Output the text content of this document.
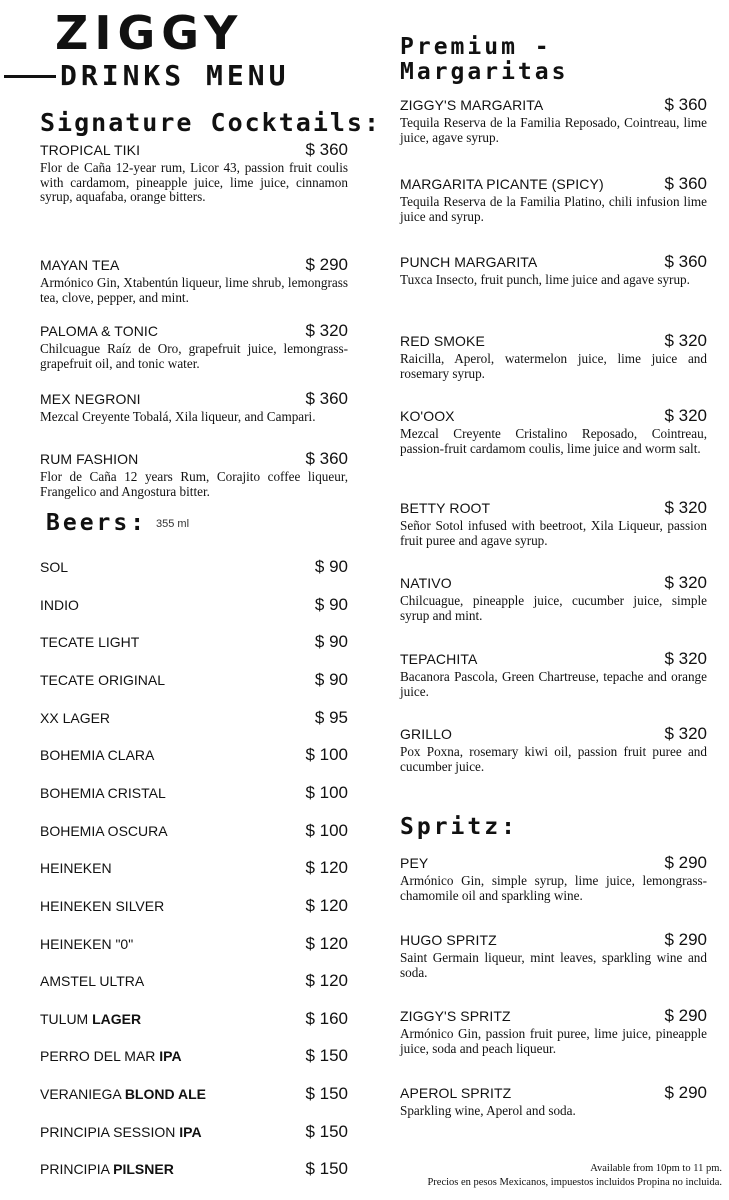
ZIGGY
DRINKS MENU
Signature Cocktails:
TROPICAL TIKI	$ 360
Flor de Caña 12-year rum, Licor 43, passion fruit coulis with cardamom, pineapple juice, lime juice, cinnamon syrup, aquafaba, orange bitters.
MAYAN TEA	$ 290
Armónico Gin, Xtabentún liqueur, lime shrub, lemongrass tea, clove, pepper, and mint.
PALOMA & TONIC	$ 320
Chilcuague Raíz de Oro, grapefruit juice, lemongrass-grapefruit oil, and tonic water.
MEX NEGRONI	$ 360
Mezcal Creyente Tobalá, Xila liqueur, and Campari.
RUM FASHION	$ 360
Flor de Caña 12 years Rum, Corajito coffee liqueur, Frangelico and Angostura bitter.
Beers: 355 ml
SOL	$ 90
INDIO	$ 90
TECATE LIGHT	$ 90
TECATE ORIGINAL	$ 90
XX LAGER	$ 95
BOHEMIA CLARA	$ 100
BOHEMIA CRISTAL	$ 100
BOHEMIA OSCURA	$ 100
HEINEKEN	$ 120
HEINEKEN SILVER	$ 120
HEINEKEN "0"	$ 120
AMSTEL ULTRA	$ 120
TULUM LAGER	$ 160
PERRO DEL MAR IPA	$ 150
VERANIEGA BLOND ALE	$ 150
PRINCIPIA SESSION IPA	$ 150
PRINCIPIA PILSNER	$ 150
Premium -
Margaritas
ZIGGY'S MARGARITA	$ 360
Tequila Reserva de la Familia Reposado, Cointreau, lime juice, agave syrup.
MARGARITA PICANTE (SPICY)	$ 360
Tequila Reserva de la Familia Platino, chili infusion lime juice and syrup.
PUNCH MARGARITA	$ 360
Tuxca Insecto, fruit punch, lime juice and agave syrup.
RED SMOKE	$ 320
Raicilla, Aperol, watermelon juice, lime juice and rosemary syrup.
KO'OOX	$ 320
Mezcal Creyente Cristalino Reposado, Cointreau, passion-fruit cardamom coulis, lime juice and worm salt.
BETTY ROOT	$ 320
Señor Sotol infused with beetroot, Xila Liqueur, passion fruit puree and agave syrup.
NATIVO	$ 320
Chilcuague, pineapple juice, cucumber juice, simple syrup and mint.
TEPACHITA	$ 320
Bacanora Pascola, Green Chartreuse, tepache and orange juice.
GRILLO	$ 320
Pox Poxna, rosemary kiwi oil, passion fruit puree and cucumber juice.
Spritz:
PEY	$ 290
Armónico Gin, simple syrup, lime juice, lemongrass-chamomile oil and sparkling wine.
HUGO SPRITZ	$ 290
Saint Germain liqueur, mint leaves, sparkling wine and soda.
ZIGGY'S SPRITZ	$ 290
Armónico Gin, passion fruit puree, lime juice, pineapple juice, soda and peach liqueur.
APEROL SPRITZ	$ 290
Sparkling wine, Aperol and soda.
Available from 10pm to 11 pm.
Precios en pesos Mexicanos, impuestos incluidos Propina no incluida.
